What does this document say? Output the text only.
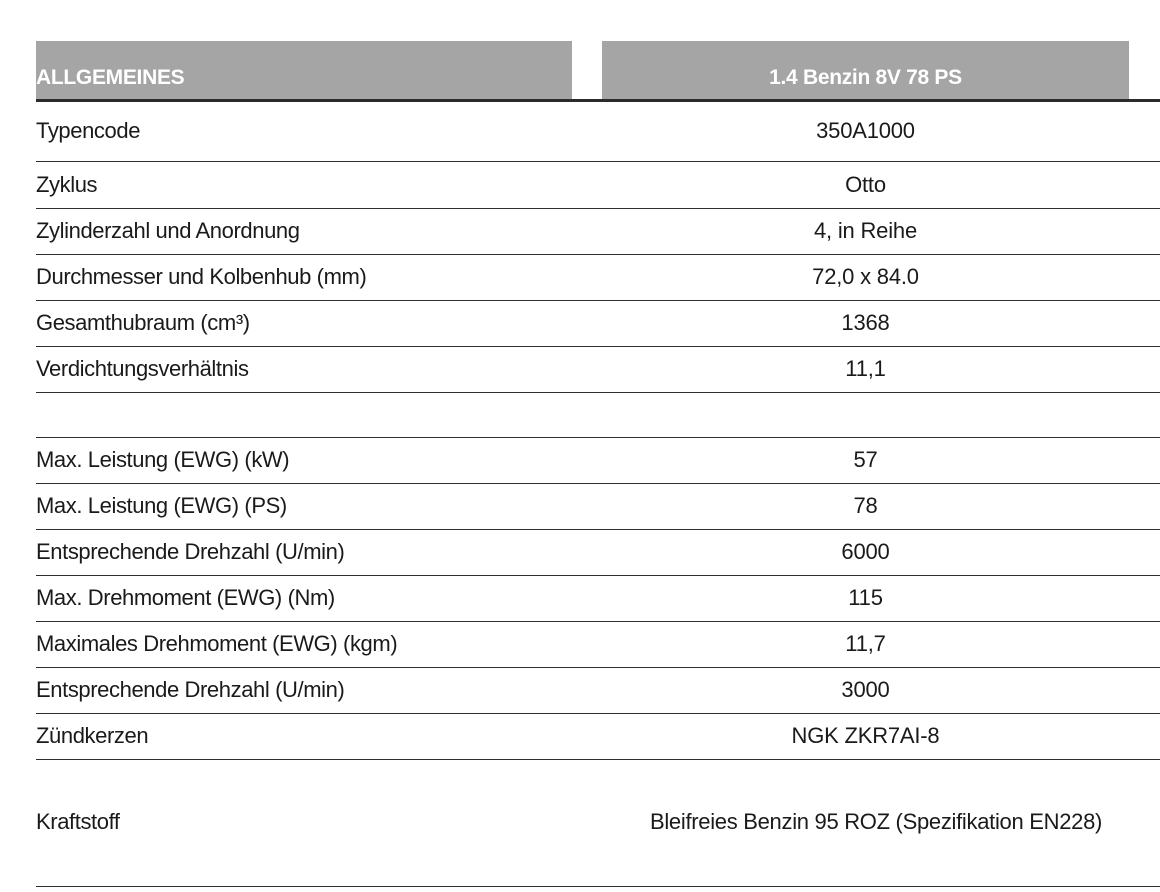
ALLGEMEINES	1.4 Benzin 8V 78 PS
Typencode	350A1000
Zyklus	Otto
Zylinderzahl und Anordnung	4, in Reihe
Durchmesser und Kolbenhub (mm)	72,0 x 84.0
Gesamthubraum (cm³)	1368
Verdichtungsverhältnis	11,1
Max. Leistung (EWG) (kW)	57
Max. Leistung (EWG) (PS)	78
Entsprechende Drehzahl (U/min)	6000
Max. Drehmoment (EWG) (Nm)	115
Maximales Drehmoment (EWG) (kgm)	11,7
Entsprechende Drehzahl (U/min)	3000
Zündkerzen	NGK ZKR7AI-8
Kraftstoff	Bleifreies Benzin 95 ROZ (Spezifikation EN228)
